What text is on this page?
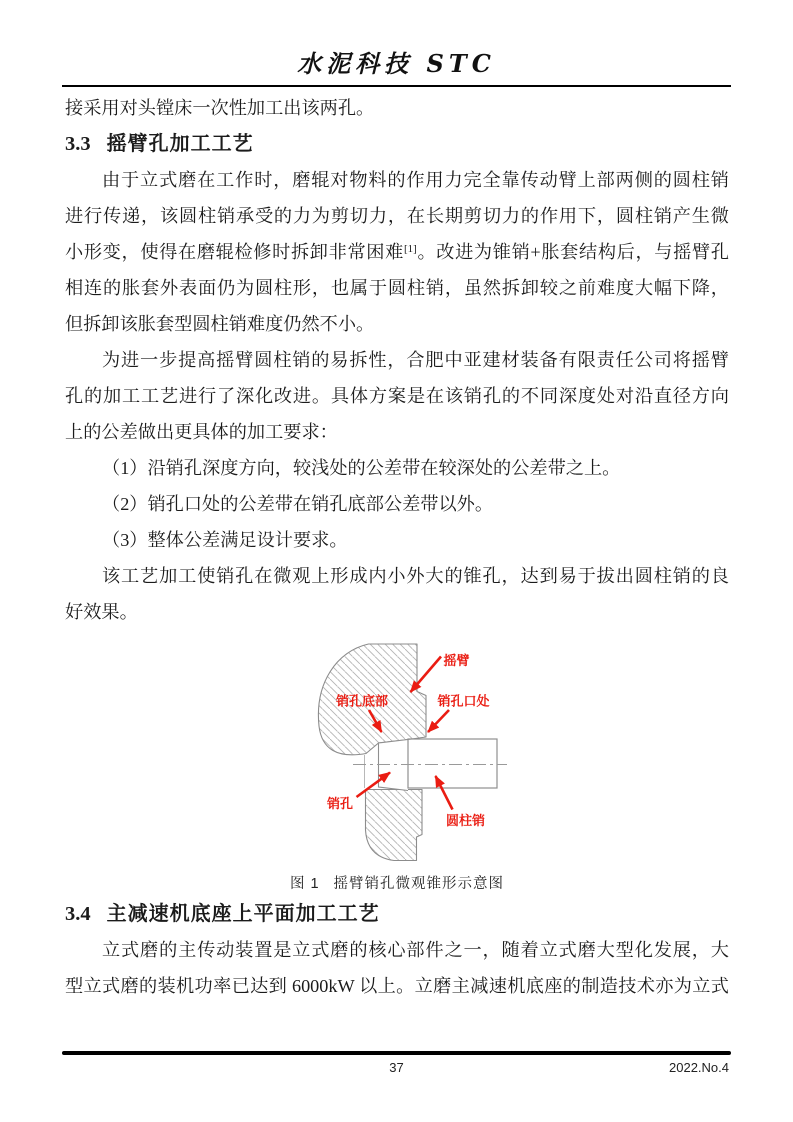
水泥科技 STC
接采用对头镗床一次性加工出该两孔。
3.3 摇臂孔加工工艺
由于立式磨在工作时，磨辊对物料的作用力完全靠传动臂上部两侧的圆柱销
进行传递，该圆柱销承受的力为剪切力，在长期剪切力的作用下，圆柱销产生微
小形变，使得在磨辊检修时拆卸非常困难[1]。改进为锥销+胀套结构后，与摇臂孔
相连的胀套外表面仍为圆柱形，也属于圆柱销，虽然拆卸较之前难度大幅下降，
但拆卸该胀套型圆柱销难度仍然不小。
为进一步提高摇臂圆柱销的易拆性，合肥中亚建材装备有限责任公司将摇臂
孔的加工工艺进行了深化改进。具体方案是在该销孔的不同深度处对沿直径方向
上的公差做出更具体的加工要求：
（1）沿销孔深度方向，较浅处的公差带在较深处的公差带之上。
（2）销孔口处的公差带在销孔底部公差带以外。
（3）整体公差满足设计要求。
该工艺加工使销孔在微观上形成内小外大的锥孔，达到易于拔出圆柱销的良
好效果。
摇臂
销孔底部	销孔口处
销孔
圆柱销
图 1 摇臂销孔微观锥形示意图
3.4 主减速机底座上平面加工工艺
立式磨的主传动装置是立式磨的核心部件之一，随着立式磨大型化发展，大
型立式磨的装机功率已达到 6000kW 以上。立磨主减速机底座的制造技术亦为立式
37	2022.No.4
